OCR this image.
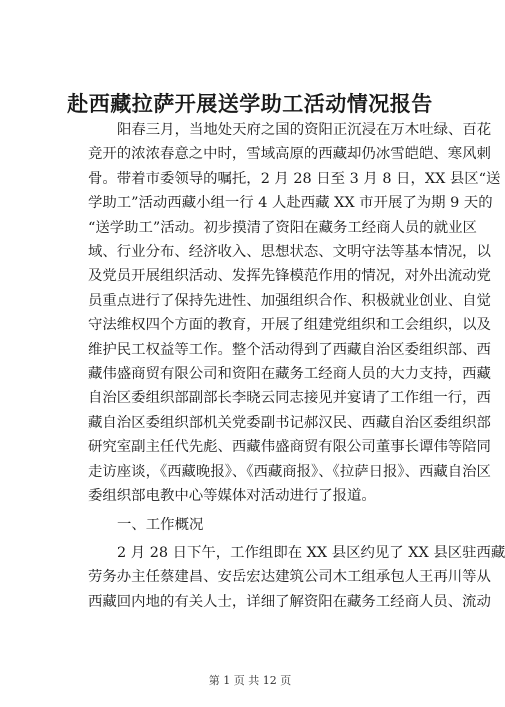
赴西藏拉萨开展送学助工活动情况报告
阳春三月，当地处天府之国的资阳正沉浸在万木吐绿、百花
竞开的浓浓春意之中时，雪域高原的西藏却仍冰雪皑皑、寒风刺
骨。带着市委领导的嘱托，2 月 28 日至 3 月 8 日，XX 县区“送
学助工”活动西藏小组一行 4 人赴西藏 XX 市开展了为期 9 天的
“送学助工”活动。初步摸清了资阳在藏务工经商人员的就业区
域、行业分布、经济收入、思想状态、文明守法等基本情况，以
及党员开展组织活动、发挥先锋模范作用的情况，对外出流动党
员重点进行了保持先进性、加强组织合作、积极就业创业、自觉
守法维权四个方面的教育，开展了组建党组织和工会组织，以及
维护民工权益等工作。整个活动得到了西藏自治区委组织部、西
藏伟盛商贸有限公司和资阳在藏务工经商人员的大力支持，西藏
自治区委组织部副部长李晓云同志接见并宴请了工作组一行，西
藏自治区委组织部机关党委副书记郝汉民、西藏自治区委组织部
研究室副主任代先彪、西藏伟盛商贸有限公司董事长谭伟等陪同
走访座谈，《西藏晚报》、《西藏商报》、《拉萨日报》、西藏自治区
委组织部电教中心等媒体对活动进行了报道。
一、工作概况
2 月 28 日下午，工作组即在 XX 县区约见了 XX 县区驻西藏
劳务办主任蔡建昌、安岳宏达建筑公司木工组承包人王再川等从
西藏回内地的有关人士，详细了解资阳在藏务工经商人员、流动
第 1 页 共 12 页
